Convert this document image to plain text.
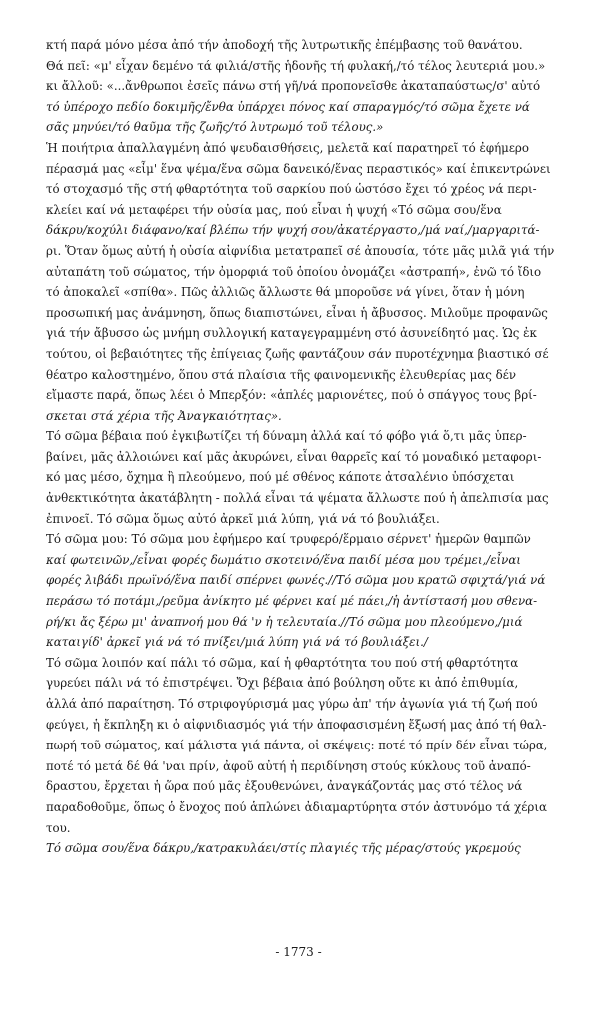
κτή παρά μόνο μέσα ἀπό τήν ἀποδοχή τῆς λυτρωτικῆς ἐπέμβασης τοῦ θανάτου.

Θά πεῖ: «μ' εἶχαν δεμένο τά φιλιά/στῆς ἡδονῆς τή φυλακή,/τό τέλος λευτεριά μου.»

κι ἄλλοῦ: «...ἄνθρωποι ἐσεῖς πάνω στή γῆ/νά προπονεῖσθε ἀκαταπαύστως/σ' αὐτό

τό ὑπέροχο πεδίο δοκιμῆς/ἔνθα ὑπάρχει πόνος καί σπαραγμός/τό σῶμα ἔχετε νά

σᾶς μηνύει/τό θαῦμα τῆς ζωῆς/τό λυτρωμό τοῦ τέλους.»

Ἡ ποιήτρια ἀπαλλαγμένη ἀπό ψευδαισθήσεις, μελετᾶ καί παρατηρεῖ τό ἐφήμερο

πέρασμά μας «εἶμ' ἕνα ψέμα/ἕνα σῶμα δανεικό/ἕνας περαστικός» καί ἐπικεντρώνει

τό στοχασμό τῆς στή φθαρτότητα τοῦ σαρκίου πού ὡστόσο ἔχει τό χρέος νά περι-

κλείει καί νά μεταφέρει τήν οὐσία μας, πού εἶναι ἡ ψυχή «Τό σῶμα σου/ἕνα

δάκρυ/κοχύλι διάφανο/καί βλέπω τήν ψυχή σου/ἀκατέργαστο,/μά ναί,/μαργαριτά-

ρι. Ὅταν ὅμως αὐτή ἡ οὐσία αἰφνίδια μετατραπεῖ σέ ἀπουσία, τότε μᾶς μιλᾶ γιά τήν

αὐταπάτη τοῦ σώματος, τήν ὀμορφιά τοῦ ὁποίου ὀνομάζει «ἀστραπή», ἐνῶ τό ἴδιο

τό ἀποκαλεῖ «σπίθα». Πῶς ἀλλιῶς ἄλλωστε θά μποροῦσε νά γίνει, ὅταν ἡ μόνη

προσωπική μας ἀνάμνηση, ὅπως διαπιστώνει, εἶναι ἡ ἄβυσσος. Μιλοῦμε προφανῶς

γιά τήν ἄβυσσο ὡς μνήμη συλλογική καταγεγραμμένη στό ἀσυνείδητό μας. Ὡς ἐκ

τούτου, οἱ βεβαιότητες τῆς ἐπίγειας ζωῆς φαντάζουν σάν πυροτέχνημα βιαστικό σέ

θέατρο καλοστημένο, ὅπου στά πλαίσια τῆς φαινομενικῆς ἐλευθερίας μας δέν

εἴμαστε παρά, ὅπως λέει ὁ Μπερξόν: «ἁπλές μαριονέτες, πού ὁ σπάγγος τους βρί-

σκεται στά χέρια τῆς Ἀναγκαιότητας».

Τό σῶμα βέβαια πού ἐγκιβωτίζει τή δύναμη ἀλλά καί τό φόβο γιά ὅ,τι μᾶς ὑπερ-

βαίνει, μᾶς ἀλλοιώνει καί μᾶς ἀκυρώνει, εἶναι θαρρεῖς καί τό μοναδικό μεταφορι-

κό μας μέσο, ὄχημα ἢ πλεούμενο, πού μέ σθένος κάποτε ἀτσαλένιο ὑπόσχεται

ἀνθεκτικότητα ἀκατάβλητη - πολλά εἶναι τά ψέματα ἄλλωστε πού ἡ ἀπελπισία μας

ἐπινοεῖ. Τό σῶμα ὅμως αὐτό ἀρκεῖ μιά λύπη, γιά νά τό βουλιάξει.

Τό σῶμα μου: Τό σῶμα μου ἐφήμερο καί τρυφερό/ἕρμαιο σέρνετ' ἡμερῶν θαμπῶν

καί φωτεινῶν,/εἶναι φορές δωμάτιο σκοτεινό/ἕνα παιδί μέσα μου τρέμει,/εἶναι

φορές λιβάδι πρωϊνό/ἕνα παιδί σπέρνει φωνές.//Τό σῶμα μου κρατῶ σφιχτά/γιά νά

περάσω τό ποτάμι,/ρεῦμα ἀνίκητο μέ φέρνει καί μέ πάει,/ἡ ἀντίστασή μου σθενα-

ρή/κι ἄς ξέρω μι' ἀναπνοή μου θά 'ν ἡ τελευταία.//Τό σῶμα μου πλεούμενο,/μιά

καταιγίδ' ἀρκεῖ γιά νά τό πνίξει/μιά λύπη γιά νά τό βουλιάξει./

Τό σῶμα λοιπόν καί πάλι τό σῶμα, καί ἡ φθαρτότητα του πού στή φθαρτότητα

γυρεύει πάλι νά τό ἐπιστρέψει. Ὄχι βέβαια ἀπό βούληση οὔτε κι ἀπό ἐπιθυμία,

ἀλλά ἀπό παραίτηση. Τό στριφογύρισμά μας γύρω ἀπ' τήν ἀγωνία γιά τή ζωή πού

φεύγει, ἡ ἔκπληξη κι ὁ αἰφνιδιασμός γιά τήν ἀποφασισμένη ἔξωσή μας ἀπό τή θαλ-

πωρή τοῦ σώματος, καί μάλιστα γιά πάντα, οἱ σκέψεις: ποτέ τό πρίν δέν εἶναι τώρα,

ποτέ τό μετά δέ θά 'ναι πρίν, ἀφοῦ αὐτή ἡ περιδίνηση στούς κύκλους τοῦ ἀναπό-

δραστου, ἔρχεται ἡ ὥρα πού μᾶς ἐξουθενώνει, ἀναγκάζοντάς μας στό τέλος νά

παραδοθοῦμε, ὅπως ὁ ἔνοχος πού ἁπλώνει ἀδιαμαρτύρητα στόν ἀστυνόμο τά χέρια

του.

Τό σῶμα σου/ἕνα δάκρυ,/κατρακυλάει/στίς πλαγιές τῆς μέρας/στούς γκρεμούς

- 1773 -
